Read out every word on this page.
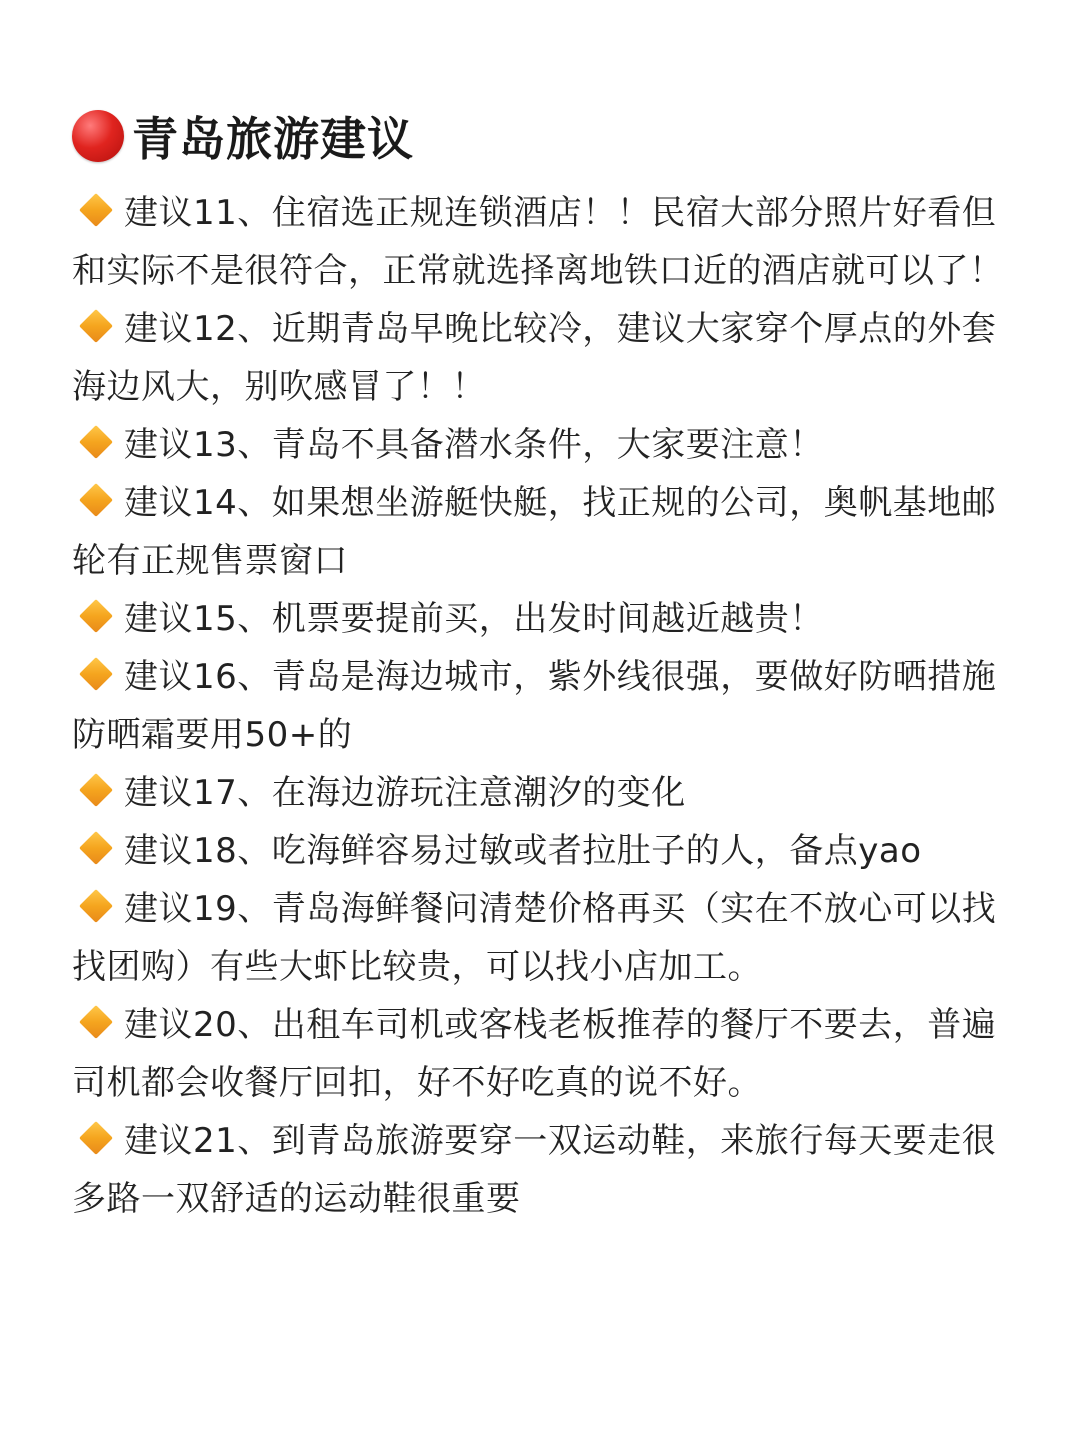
青岛旅游建议

建议11、住宿选正规连锁酒店！！民宿大部分照片好看但和实际不是很符合，正常就选择离地铁口近的酒店就可以了！

建议12、近期青岛早晚比较冷，建议大家穿个厚点的外套海边风大，别吹感冒了！！

建议13、青岛不具备潜水条件，大家要注意！

建议14、如果想坐游艇快艇，找正规的公司，奥帆基地邮轮有正规售票窗口

建议15、机票要提前买，出发时间越近越贵！

建议16、青岛是海边城市，紫外线很强，要做好防晒措施防晒霜要用50+的

建议17、在海边游玩注意潮汐的变化

建议18、吃海鲜容易过敏或者拉肚子的人，备点yao

建议19、青岛海鲜餐问清楚价格再买（实在不放心可以找找团购）有些大虾比较贵，可以找小店加工。

建议20、出租车司机或客栈老板推荐的餐厅不要去，普遍司机都会收餐厅回扣，好不好吃真的说不好。

建议21、到青岛旅游要穿一双运动鞋，来旅行每天要走很多路一双舒适的运动鞋很重要
